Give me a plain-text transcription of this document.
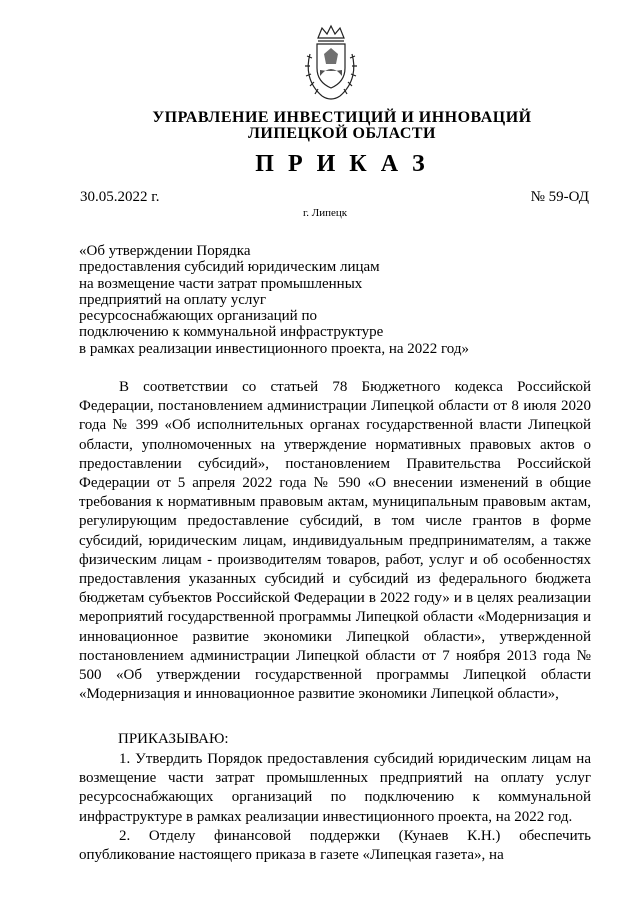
УПРАВЛЕНИЕ ИНВЕСТИЦИЙ И ИННОВАЦИЙ
ЛИПЕЦКОЙ ОБЛАСТИ
П Р И К А З
30.05.2022 г.	№ 59-ОД
г. Липецк
«Об утверждении Порядка
предоставления субсидий юридическим лицам
на возмещение части затрат промышленных
предприятий на оплату услуг
ресурсоснабжающих организаций по
подключению к коммунальной инфраструктуре
в рамках реализации инвестиционного проекта, на 2022 год»
В соответствии со статьей 78 Бюджетного кодекса Российской Федерации, постановлением администрации Липецкой области от 8 июля 2020 года № 399 «Об исполнительных органах государственной власти Липецкой области, уполномоченных на утверждение нормативных правовых актов о предоставлении субсидий», постановлением Правительства Российской Федерации от 5 апреля 2022 года № 590 «О внесении изменений в общие требования к нормативным правовым актам, муниципальным правовым актам, регулирующим предоставление субсидий, в том числе грантов в форме субсидий, юридическим лицам, индивидуальным предпринимателям, а также физическим лицам - производителям товаров, работ, услуг и об особенностях предоставления указанных субсидий и субсидий из федерального бюджета бюджетам субъектов Российской Федерации в 2022 году» и в целях реализации мероприятий государственной программы Липецкой области «Модернизация и инновационное развитие экономики Липецкой области», утвержденной постановлением администрации Липецкой области от 7 ноября 2013 года № 500 «Об утверждении государственной программы Липецкой области «Модернизация и инновационное развитие экономики Липецкой области»,
ПРИКАЗЫВАЮ:
1. Утвердить Порядок предоставления субсидий юридическим лицам на возмещение части затрат промышленных предприятий на оплату услуг ресурсоснабжающих организаций по подключению к коммунальной инфраструктуре в рамках реализации инвестиционного проекта, на 2022 год.
2. Отделу финансовой поддержки (Кунаев К.Н.) обеспечить опубликование настоящего приказа в газете «Липецкая газета», на
